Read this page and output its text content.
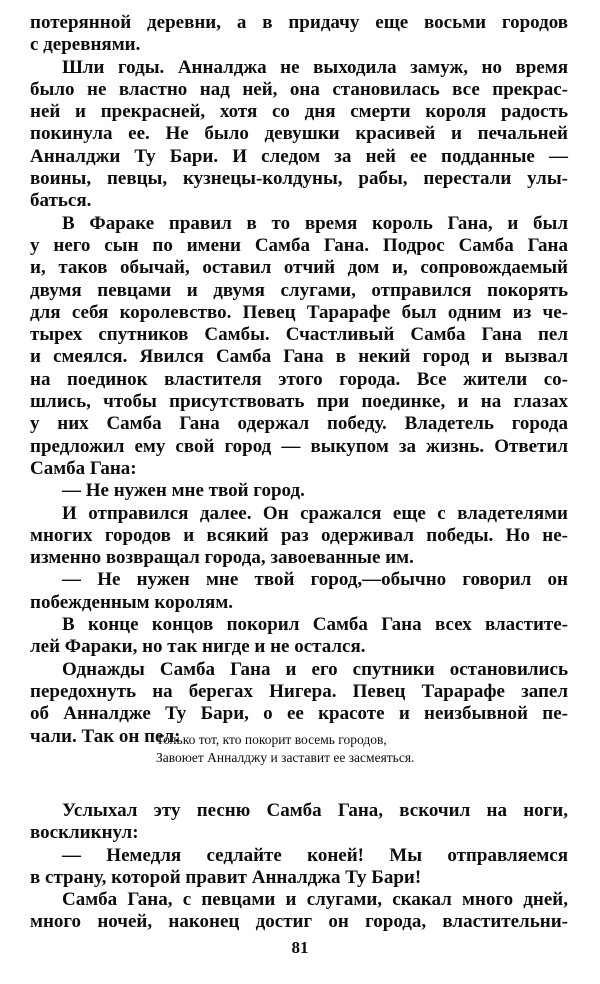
потерянной деревни, а в придачу еще восьми городов
с деревнями.
Шли годы. Анналджа не выходила замуж, но время
было не властно над ней, она становилась все прекрас-
ней и прекрасней, хотя со дня смерти короля радость
покинула ее. Не было девушки красивей и печальней
Анналджи Ту Бари. И следом за ней ее подданные —
воины, певцы, кузнецы-колдуны, рабы, перестали улы-
баться.
В Фараке правил в то время король Гана, и был
у него сын по имени Самба Гана. Подрос Самба Гана
и, таков обычай, оставил отчий дом и, сопровождаемый
двумя певцами и двумя слугами, отправился покорять
для себя королевство. Певец Тарарафе был одним из че-
тырех спутников Самбы. Счастливый Самба Гана пел
и смеялся. Явился Самба Гана в некий город и вызвал
на поединок властителя этого города. Все жители со-
шлись, чтобы присутствовать при поединке, и на глазах
у них Самба Гана одержал победу. Владетель города
предложил ему свой город — выкупом за жизнь. Ответил
Самба Гана:
— Не нужен мне твой город.
И отправился далее. Он сражался еще с владетелями
многих городов и всякий раз одерживал победы. Но не-
изменно возвращал города, завоеванные им.
— Не нужен мне твой город,—обычно говорил он
побежденным королям.
В конце концов покорил Самба Гана всех властите-
лей Фараки, но так нигде и не остался.
Однажды Самба Гана и его спутники остановились
передохнуть на берегах Нигера. Певец Тарарафе запел
об Анналдже Ту Бари, о ее красоте и неизбывной пе-
чали. Так он пел:
Только тот, кто покорит восемь городов,
Завоюет Анналджу и заставит ее засмеяться.
Услыхал эту песню Самба Гана, вскочил на ноги,
воскликнул:
— Немедля седлайте коней! Мы отправляемся
в страну, которой правит Анналджа Ту Бари!
Самба Гана, с певцами и слугами, скакал много дней,
много ночей, наконец достиг он города, властительни-
81
